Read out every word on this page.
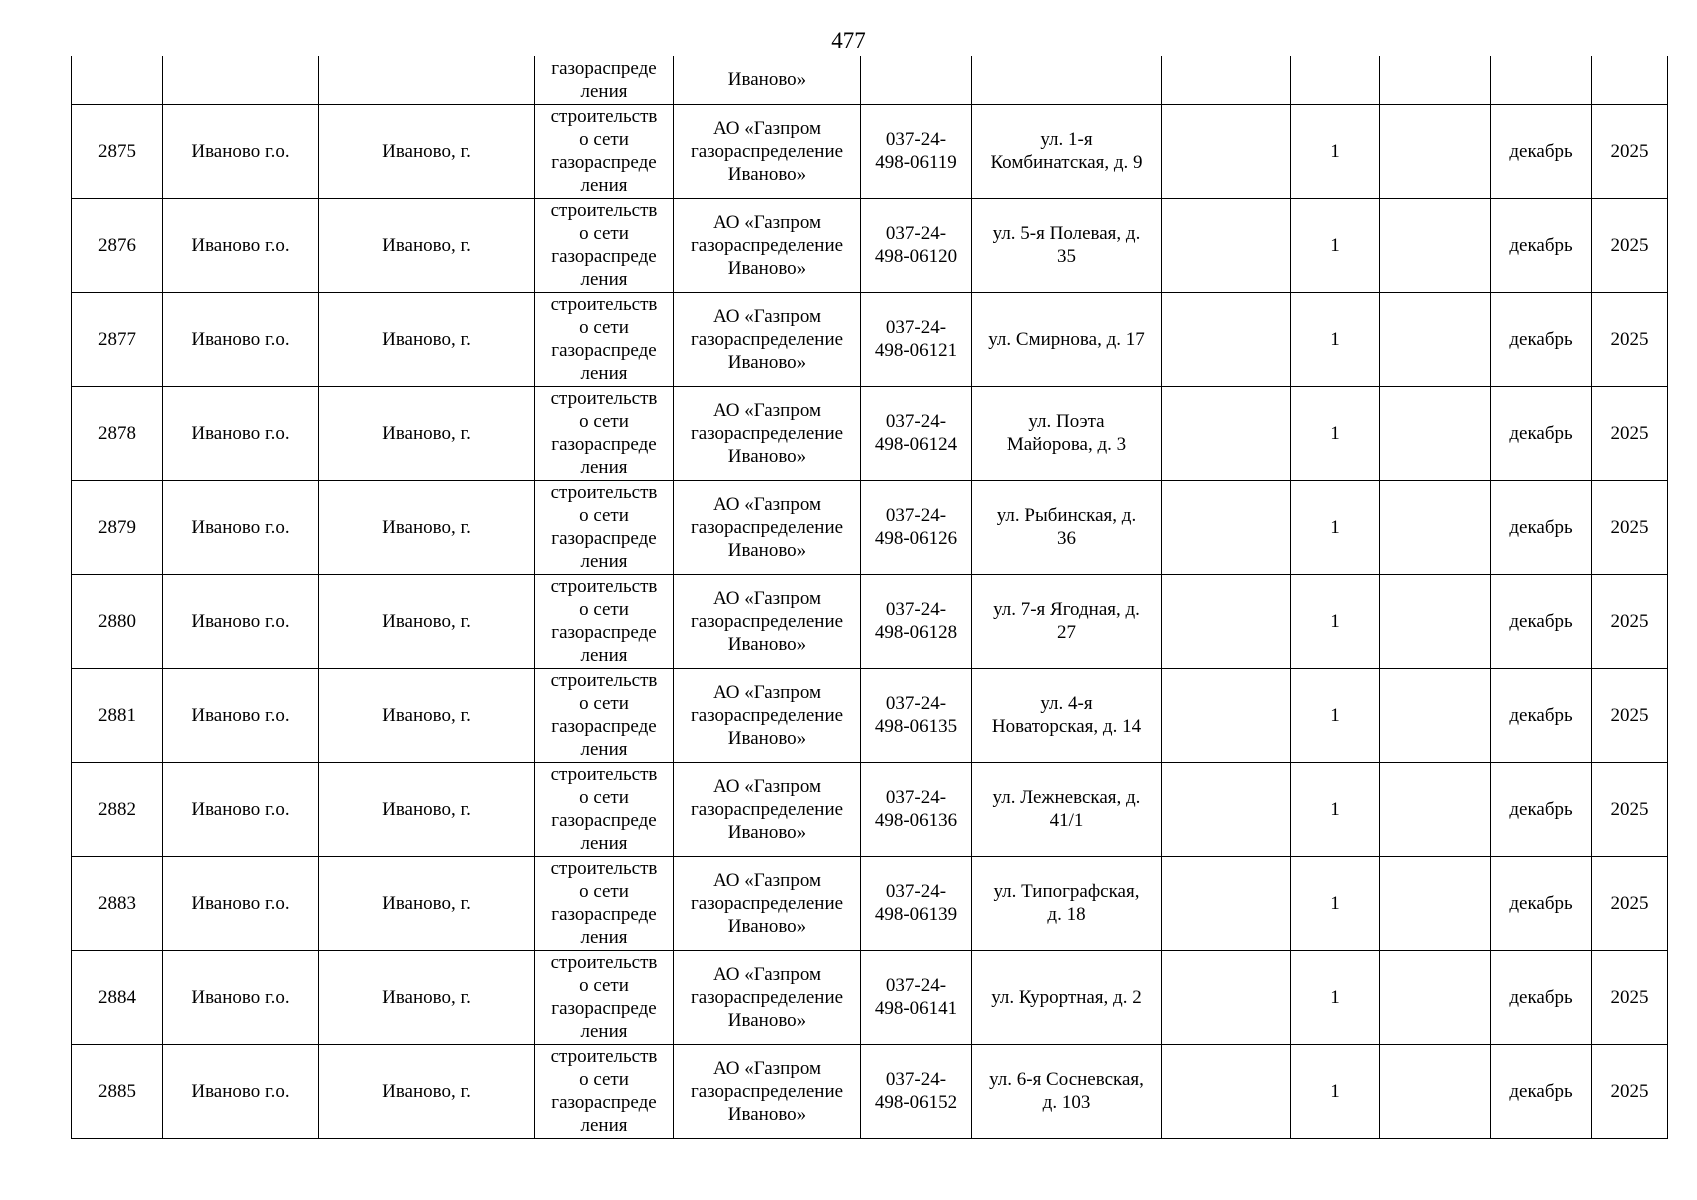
477
			газораспреде
ления	Иваново»							
2875	Иваново г.о.	Иваново, г.	строительств
о сети
газораспреде
ления	АО «Газпром
газораспределение
Иваново»	037-24-
498-06119	ул. 1-я
Комбинатская, д. 9		1		декабрь	2025
2876	Иваново г.о.	Иваново, г.	строительств
о сети
газораспреде
ления	АО «Газпром
газораспределение
Иваново»	037-24-
498-06120	ул. 5-я Полевая, д.
35		1		декабрь	2025
2877	Иваново г.о.	Иваново, г.	строительств
о сети
газораспреде
ления	АО «Газпром
газораспределение
Иваново»	037-24-
498-06121	ул. Смирнова, д. 17		1		декабрь	2025
2878	Иваново г.о.	Иваново, г.	строительств
о сети
газораспреде
ления	АО «Газпром
газораспределение
Иваново»	037-24-
498-06124	ул. Поэта
Майорова, д. 3		1		декабрь	2025
2879	Иваново г.о.	Иваново, г.	строительств
о сети
газораспреде
ления	АО «Газпром
газораспределение
Иваново»	037-24-
498-06126	ул. Рыбинская, д.
36		1		декабрь	2025
2880	Иваново г.о.	Иваново, г.	строительств
о сети
газораспреде
ления	АО «Газпром
газораспределение
Иваново»	037-24-
498-06128	ул. 7-я Ягодная, д.
27		1		декабрь	2025
2881	Иваново г.о.	Иваново, г.	строительств
о сети
газораспреде
ления	АО «Газпром
газораспределение
Иваново»	037-24-
498-06135	ул. 4-я
Новаторская, д. 14		1		декабрь	2025
2882	Иваново г.о.	Иваново, г.	строительств
о сети
газораспреде
ления	АО «Газпром
газораспределение
Иваново»	037-24-
498-06136	ул. Лежневская, д.
41/1		1		декабрь	2025
2883	Иваново г.о.	Иваново, г.	строительств
о сети
газораспреде
ления	АО «Газпром
газораспределение
Иваново»	037-24-
498-06139	ул. Типографская,
д. 18		1		декабрь	2025
2884	Иваново г.о.	Иваново, г.	строительств
о сети
газораспреде
ления	АО «Газпром
газораспределение
Иваново»	037-24-
498-06141	ул. Курортная, д. 2		1		декабрь	2025
2885	Иваново г.о.	Иваново, г.	строительств
о сети
газораспреде
ления	АО «Газпром
газораспределение
Иваново»	037-24-
498-06152	ул. 6-я Сосневская,
д. 103		1		декабрь	2025
